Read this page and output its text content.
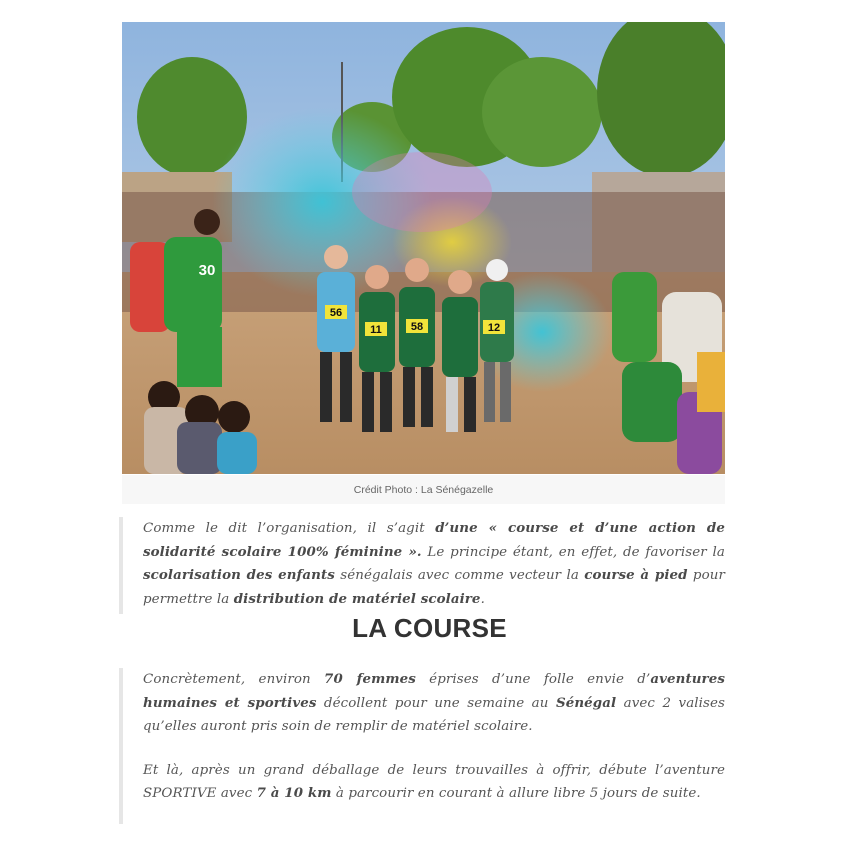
56
11	58	12
30
Crédit Photo : La Sénégazelle

Comme le dit l’organisation, il s’agit d’une « course et d’une action de solidarité scolaire 100% féminine ». Le principe étant, en effet, de favoriser la scolarisation des enfants sénégalais avec comme vecteur la course à pied pour permettre la distribution de matériel scolaire.

LA COURSE

Concrètement, environ 70 femmes éprises d’une folle envie d’aventures humaines et sportives décollent pour une semaine au Sénégal avec 2 valises qu’elles auront pris soin de remplir de matériel scolaire.

Et là, après un grand déballage de leurs trouvailles à offrir, débute l’aventure SPORTIVE avec 7 à 10 km à parcourir en courant à allure libre 5 jours de suite.
